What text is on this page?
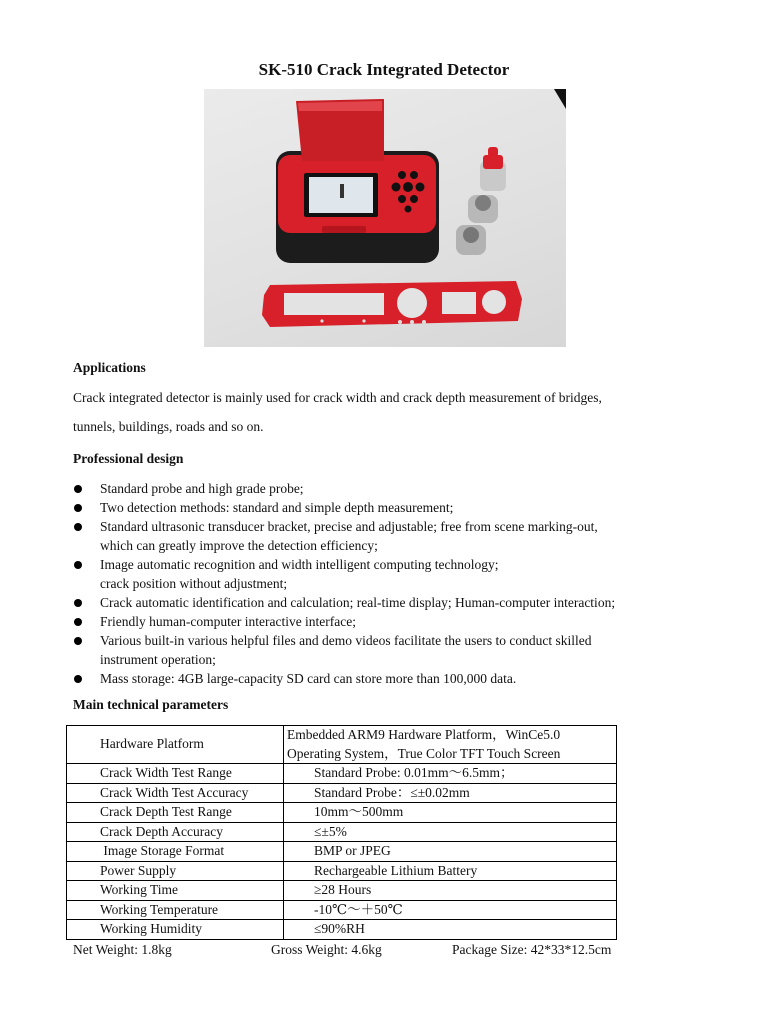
SK-510 Crack Integrated Detector
Applications
Crack integrated detector is mainly used for crack width and crack depth measurement of bridges,
tunnels, buildings, roads and so on.
Professional design
Standard probe and high grade probe;
Two detection methods: standard and simple depth measurement;
Standard ultrasonic transducer bracket, precise and adjustable; free from scene marking-out,
which can greatly improve the detection efficiency;
Image automatic recognition and width intelligent computing technology;
crack position without adjustment;
Crack automatic identification and calculation; real-time display; Human-computer interaction;
Friendly human-computer interactive interface;
Various built-in various helpful files and demo videos facilitate the users to conduct skilled
instrument operation;
Mass storage: 4GB large-capacity SD card can store more than 100,000 data.
Main technical parameters
Hardware Platform	Embedded ARM9 Hardware Platform，WinCe5.0
Operating System，True Color TFT Touch Screen

Crack Width Test Range	Standard Probe: 0.01mm～6.5mm；
Crack Width Test Accuracy	Standard Probe：≤±0.02mm
Crack Depth Test Range	10mm～500mm
Crack Depth Accuracy	≤±5%
Image Storage Format	BMP or JPEG
Power Supply	Rechargeable Lithium Battery
Working Time	≥28 Hours
Working Temperature	-10℃～＋50℃
Working Humidity	≤90%RH
Net Weight: 1.8kg	Gross Weight: 4.6kg	Package Size: 42*33*12.5cm
